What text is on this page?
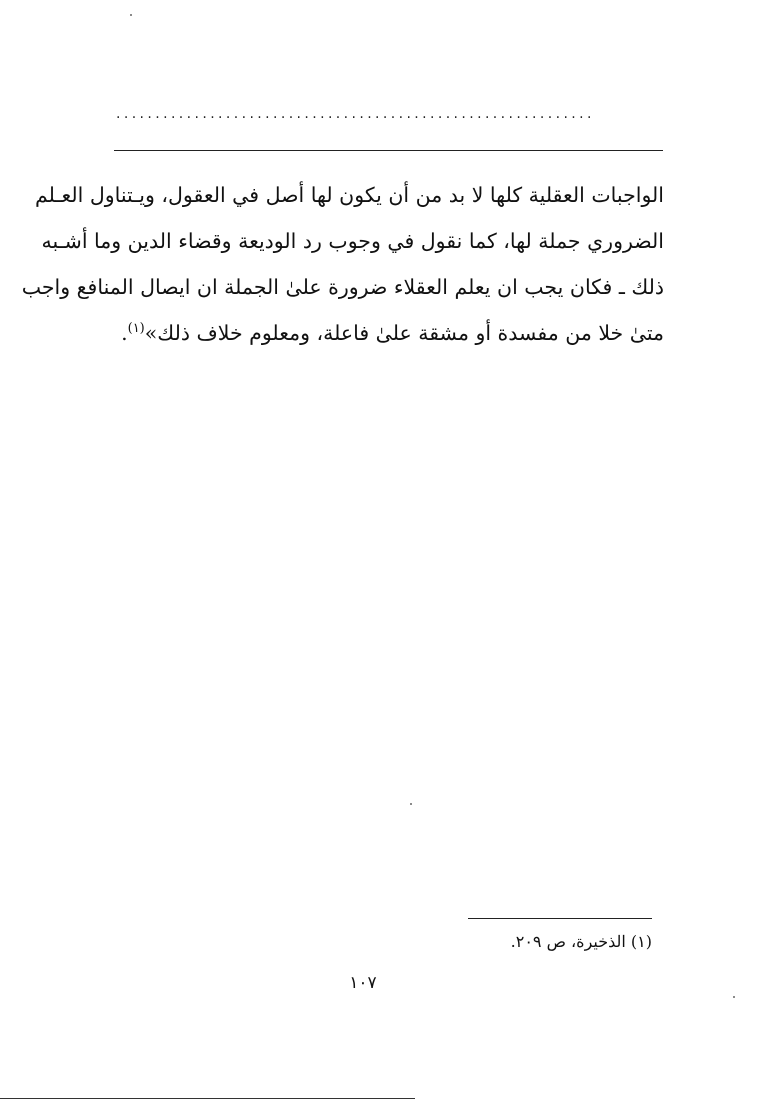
.............................................................
الواجبات العقلية كلها لا بد من أن يكون لها أصل في العقول، ويـتناول العـلم
الضروري جملة لها، كما نقول في وجوب رد الوديعة وقضاء الدين وما أشـبه
ذلك ـ فكان يجب ان يعلم العقلاء ضرورة علىٰ الجملة ان ايصال المنافع واجب
متىٰ خلا من مفسدة أو مشقة علىٰ فاعلة، ومعلوم خلاف ذلك»$^{(١)}$.
(١) الذخيرة، ص ٢٠٩.
١٠٧
